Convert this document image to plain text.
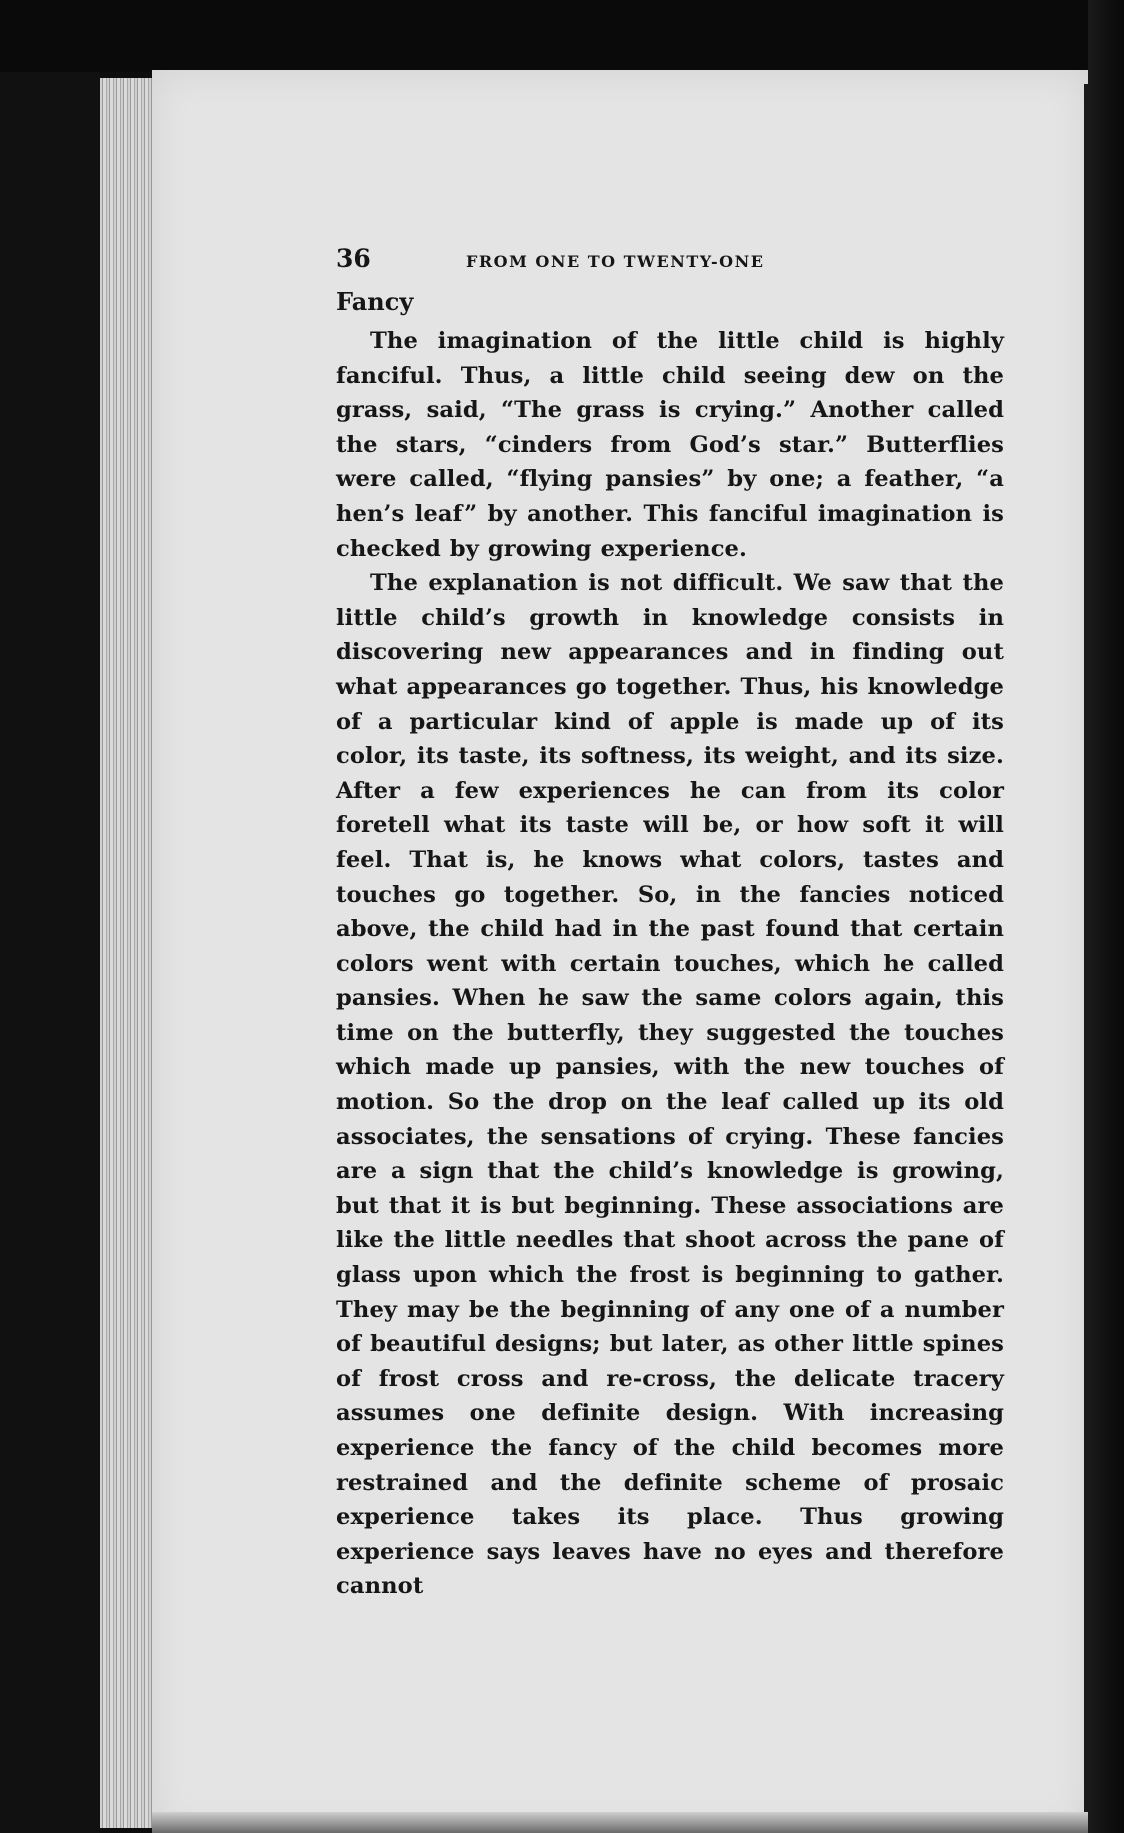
36	FROM ONE TO TWENTY-ONE
Fancy

The imagination of the little child is highly fanciful. Thus, a little child seeing dew on the grass, said, “The grass is crying.” Another called the stars, “cinders from God’s star.” Butterflies were called, “flying pansies” by one; a feather, “a hen’s leaf” by another. This fanciful imagination is checked by growing experience.

The explanation is not difficult. We saw that the little child’s growth in knowledge consists in discovering new appearances and in finding out what appearances go together. Thus, his knowledge of a particular kind of apple is made up of its color, its taste, its softness, its weight, and its size. After a few experiences he can from its color foretell what its taste will be, or how soft it will feel. That is, he knows what colors, tastes and touches go together. So, in the fancies noticed above, the child had in the past found that certain colors went with certain touches, which he called pansies. When he saw the same colors again, this time on the butterfly, they suggested the touches which made up pansies, with the new touches of motion. So the drop on the leaf called up its old associates, the sensations of crying. These fancies are a sign that the child’s knowledge is growing, but that it is but beginning. These associations are like the little needles that shoot across the pane of glass upon which the frost is beginning to gather. They may be the beginning of any one of a number of beautiful designs; but later, as other little spines of frost cross and re-cross, the delicate tracery assumes one definite design. With increasing experience the fancy of the child becomes more restrained and the definite scheme of prosaic experience takes its place. Thus growing experience says leaves have no eyes and therefore cannot
